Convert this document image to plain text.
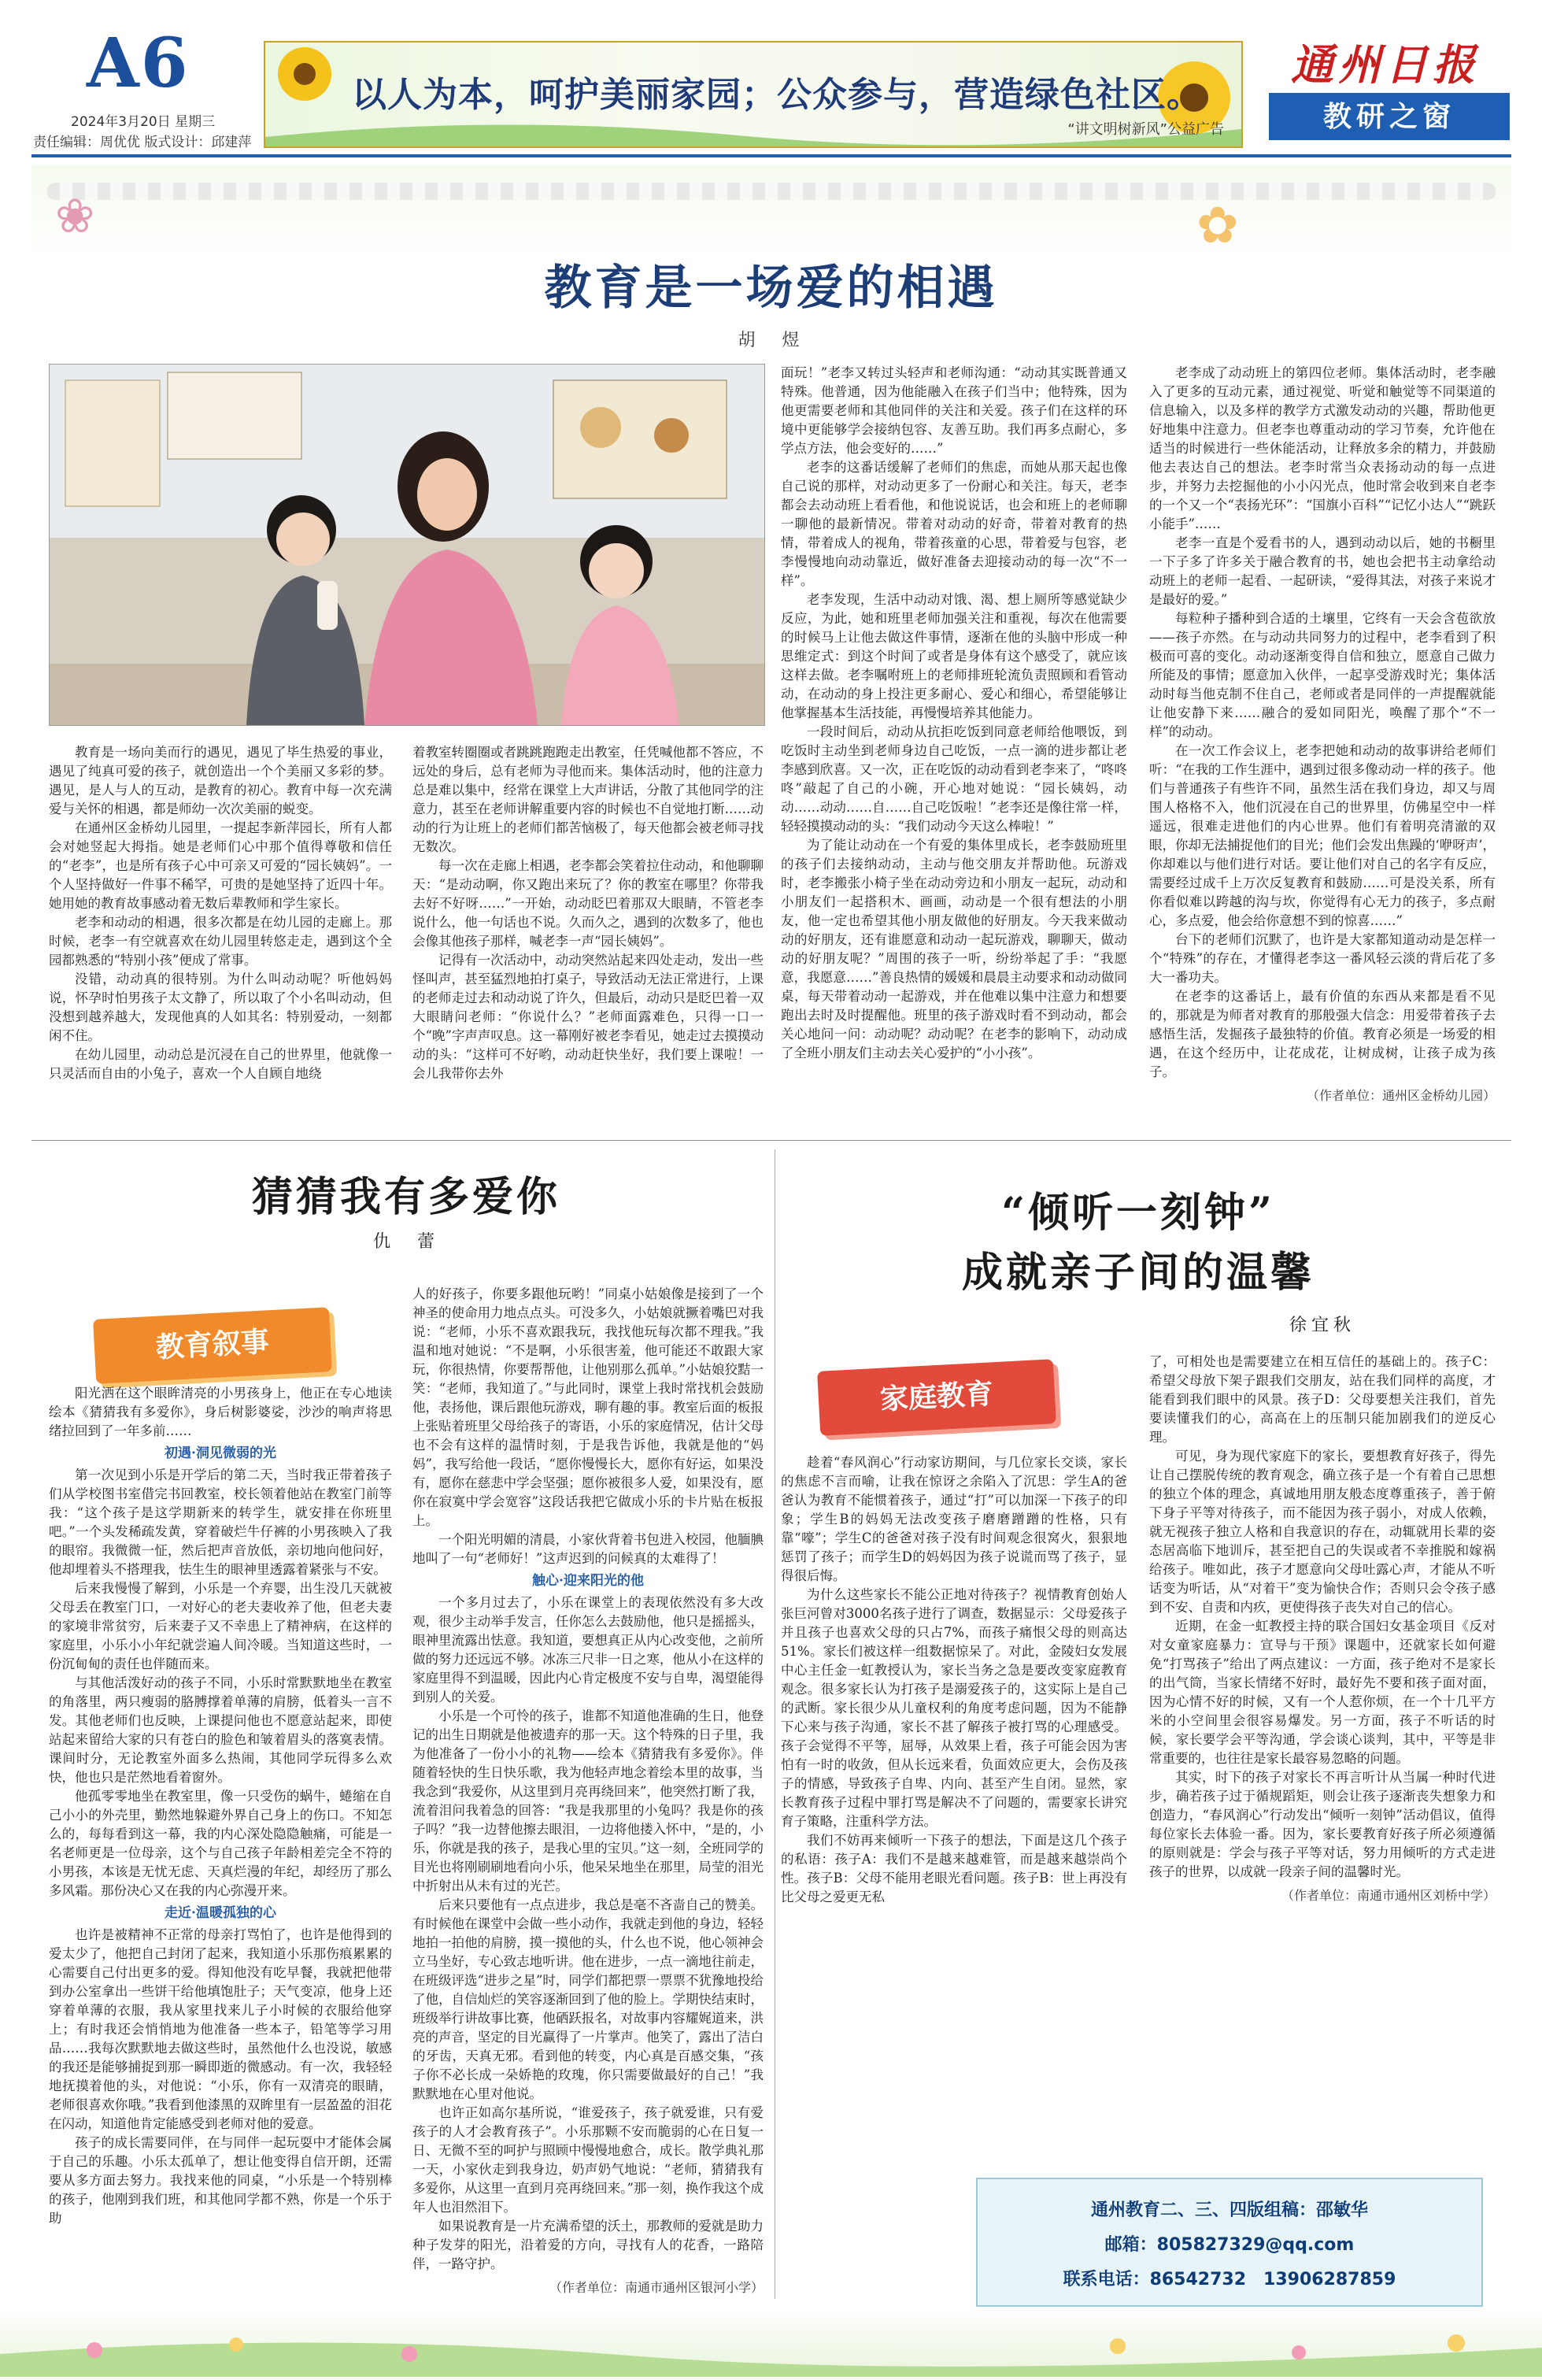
A6
2024年3月20日 星期三
责任编辑：周优优 版式设计：邱建萍
以人为本，呵护美丽家园；公众参与，营造绿色社区。
“讲文明树新风”公益广告
通州日报
教研之窗
❀	✿
教育是一场爱的相遇
胡　煜

教育是一场向美而行的遇见，遇见了毕生热爱的事业，遇见了纯真可爱的孩子，就创造出一个个美丽又多彩的梦。遇见，是人与人的互动，是教育的初心。教育中每一次充满爱与关怀的相遇，都是师幼一次次美丽的蜕变。

在通州区金桥幼儿园里，一提起李新萍园长，所有人都会对她竖起大拇指。她是老师们心中那个值得尊敬和信任的“老李”，也是所有孩子心中可亲又可爱的“园长姨妈”。一个人坚持做好一件事不稀罕，可贵的是她坚持了近四十年。她用她的教育故事感动着无数后辈教师和学生家长。

老李和动动的相遇，很多次都是在幼儿园的走廊上。那时候，老李一有空就喜欢在幼儿园里转悠走走，遇到这个全园都熟悉的“特别小孩”便成了常事。

没错，动动真的很特别。为什么叫动动呢？听他妈妈说，怀孕时怕男孩子太文静了，所以取了个小名叫动动，但没想到越养越大，发现他真的人如其名：特别爱动，一刻都闲不住。

在幼儿园里，动动总是沉浸在自己的世界里，他就像一只灵活而自由的小兔子，喜欢一个人自顾自地绕

着教室转圈圈或者跳跳跑跑走出教室，任凭喊他都不答应，不远处的身后，总有老师为寻他而来。集体活动时，他的注意力总是难以集中，经常在课堂上大声讲话，分散了其他同学的注意力，甚至在老师讲解重要内容的时候也不自觉地打断……动动的行为让班上的老师们都苦恼极了，每天他都会被老师寻找无数次。

每一次在走廊上相遇，老李都会笑着拉住动动，和他聊聊天：“是动动啊，你又跑出来玩了？你的教室在哪里？你带我去好不好呀……”一开始，动动眨巴着那双大眼睛，不管老李说什么，他一句话也不说。久而久之，遇到的次数多了，他也会像其他孩子那样，喊老李一声“园长姨妈”。

记得有一次活动中，动动突然站起来四处走动，发出一些怪叫声，甚至猛烈地拍打桌子，导致活动无法正常进行，上课的老师走过去和动动说了许久，但最后，动动只是眨巴着一双大眼睛问老师：“你说什么？”老师面露难色，只得一口一个“晚”字声声叹息。这一幕刚好被老李看见，她走过去摸摸动动的头：“这样可不好哟，动动赶快坐好，我们要上课啦！一会儿我带你去外

面玩！”老李又转过头轻声和老师沟通：“动动其实既普通又特殊。他普通，因为他能融入在孩子们当中；他特殊，因为他更需要老师和其他同伴的关注和关爱。孩子们在这样的环境中更能够学会接纳包容、友善互助。我们再多点耐心，多学点方法，他会变好的……”

老李的这番话缓解了老师们的焦虑，而她从那天起也像自己说的那样，对动动更多了一份耐心和关注。每天，老李都会去动动班上看看他，和他说说话，也会和班上的老师聊一聊他的最新情况。带着对动动的好奇，带着对教育的热情，带着成人的视角，带着孩童的心思，带着爱与包容，老李慢慢地向动动靠近，做好准备去迎接动动的每一次“不一样”。

老李发现，生活中动动对饿、渴、想上厕所等感觉缺少反应，为此，她和班里老师加强关注和重视，每次在他需要的时候马上让他去做这件事情，逐渐在他的头脑中形成一种思维定式：到这个时间了或者是身体有这个感受了，就应该这样去做。老李嘱咐班上的老师排班轮流负责照顾和看管动动，在动动的身上投注更多耐心、爱心和细心，希望能够让他掌握基本生活技能，再慢慢培养其他能力。

一段时间后，动动从抗拒吃饭到同意老师给他喂饭，到吃饭时主动坐到老师身边自己吃饭，一点一滴的进步都让老李感到欣喜。又一次，正在吃饭的动动看到老李来了，“咚咚咚”敲起了自己的小碗，开心地对她说：“园长姨妈，动动……动动……自……自己吃饭啦！”老李还是像往常一样，轻轻摸摸动动的头：“我们动动今天这么棒啦！”

为了能让动动在一个有爱的集体里成长，老李鼓励班里的孩子们去接纳动动，主动与他交朋友并帮助他。玩游戏时，老李搬张小椅子坐在动动旁边和小朋友一起玩，动动和小朋友们一起搭积木、画画，动动是一个很有想法的小朋友，他一定也希望其他小朋友做他的好朋友。今天我来做动动的好朋友，还有谁愿意和动动一起玩游戏，聊聊天，做动动的好朋友呢？”周围的孩子一听，纷纷举起了手：“我愿意，我愿意……”善良热情的媛媛和晨晨主动要求和动动做同桌，每天带着动动一起游戏，并在他难以集中注意力和想要跑出去时及时提醒他。班里的孩子游戏时看不到动动，都会关心地问一问：动动呢？动动呢？在老李的影响下，动动成了全班小朋友们主动去关心爱护的“小小孩”。

老李成了动动班上的第四位老师。集体活动时，老李融入了更多的互动元素，通过视觉、听觉和触觉等不同渠道的信息输入，以及多样的教学方式激发动动的兴趣，帮助他更好地集中注意力。但老李也尊重动动的学习节奏，允许他在适当的时候进行一些休能活动，让释放多余的精力，并鼓励他去表达自己的想法。老李时常当众表扬动动的每一点进步，并努力去挖掘他的小小闪光点，他时常会收到来自老李的一个又一个“表扬光环”：“国旗小百科”“记忆小达人”“跳跃小能手”……

老李一直是个爱看书的人，遇到动动以后，她的书橱里一下子多了许多关于融合教育的书，她也会把书主动拿给动动班上的老师一起看、一起研读，“爱得其法，对孩子来说才是最好的爱。”

每粒种子播种到合适的土壤里，它终有一天会含苞欲放——孩子亦然。在与动动共同努力的过程中，老李看到了积极而可喜的变化。动动逐渐变得自信和独立，愿意自己做力所能及的事情；愿意加入伙伴，一起享受游戏时光；集体活动时每当他克制不住自己，老师或者是同伴的一声提醒就能让他安静下来……融合的爱如同阳光，唤醒了那个“不一样”的动动。

在一次工作会议上，老李把她和动动的故事讲给老师们听：“在我的工作生涯中，遇到过很多像动动一样的孩子。他们与普通孩子有些许不同，虽然生活在我们身边，却又与周围人格格不入，他们沉浸在自己的世界里，仿佛星空中一样遥远，很难走进他们的内心世界。他们有着明亮清澈的双眼，你却无法捕捉他们的目光；他们会发出焦躁的‘咿呀声’，你却难以与他们进行对话。要让他们对自己的名字有反应，需要经过成千上万次反复教育和鼓励……可是没关系，所有你看似难以跨越的沟与坎，你觉得有心无力的孩子，多点耐心，多点爱，他会给你意想不到的惊喜……”

台下的老师们沉默了，也许是大家都知道动动是怎样一个“特殊”的存在，才懂得老李这一番风轻云淡的背后花了多大一番功夫。

在老李的这番话上，最有价值的东西从来都是看不见的，那就是为师者对教育的那般强大信念：用爱带着孩子去感悟生活，发掘孩子最独特的价值。教育必须是一场爱的相遇，在这个经历中，让花成花，让树成树，让孩子成为孩子。

（作者单位：通州区金桥幼儿园）
猜猜我有多爱你
仇　蕾
教育叙事

阳光洒在这个眼眸清亮的小男孩身上，他正在专心地读绘本《猜猜我有多爱你》，身后树影婆娑，沙沙的响声将思绪拉回到了一年多前……

初遇·洞见微弱的光

第一次见到小乐是开学后的第二天，当时我正带着孩子们从学校图书室借完书回教室，校长领着他站在教室门前等我：“这个孩子是这学期新来的转学生，就安排在你班里吧。”一个头发稀疏发黄，穿着破烂牛仔裤的小男孩映入了我的眼帘。我微微一怔，然后把声音放低，亲切地向他问好，他却埋着头不搭理我，怯生生的眼神里透露着紧张与不安。

后来我慢慢了解到，小乐是一个弃婴，出生没几天就被父母丢在教室门口，一对好心的老夫妻收养了他，但老夫妻的家境非常贫穷，后来妻子又不幸患上了精神病，在这样的家庭里，小乐小小年纪就尝遍人间冷暖。当知道这些时，一份沉甸甸的责任也伴随而来。

与其他活泼好动的孩子不同，小乐时常默默地坐在教室的角落里，两只瘦弱的胳膊撑着单薄的肩膀，低着头一言不发。其他老师们也反映，上课提问他也不愿意站起来，即使站起来留给大家的只有苍白的脸色和皱着眉头的落寞表情。课间时分，无论教室外面多么热闹，其他同学玩得多么欢快，他也只是茫然地看着窗外。

他孤零零地坐在教室里，像一只受伤的蜗牛，蜷缩在自己小小的外壳里，勤然地躲避外界自己身上的伤口。不知怎么的，每每看到这一幕，我的内心深处隐隐触痛，可能是一名老师更是一位母亲，这个与自己孩子年龄相差完全不符的小男孩，本该是无忧无虑、天真烂漫的年纪，却经历了那么多风霜。那份决心又在我的内心弥漫开来。

走近·温暖孤独的心

也许是被精神不正常的母亲打骂怕了，也许是他得到的爱太少了，他把自己封闭了起来，我知道小乐那伤痕累累的心需要自己付出更多的爱。得知他没有吃早餐，我就把他带到办公室拿出一些饼干给他填饱肚子；天气变凉，他身上还穿着单薄的衣服，我从家里找来儿子小时候的衣服给他穿上；有时我还会悄悄地为他准备一些本子，铅笔等学习用品……我每次默默地去做这些时，虽然他什么也没说，敏感的我还是能够捕捉到那一瞬即逝的微感动。有一次，我轻轻地抚摸着他的头，对他说：“小乐，你有一双清亮的眼睛，老师很喜欢你哦。”我看到他漆黑的双眸里有一层盈盈的泪花在闪动，知道他肯定能感受到老师对他的爱意。

孩子的成长需要同伴，在与同伴一起玩耍中才能体会属于自己的乐趣。小乐太孤单了，想让他变得自信开朗，还需要从多方面去努力。我找来他的同桌，“小乐是一个特别棒的孩子，他刚到我们班，和其他同学都不熟，你是一个乐于助

人的好孩子，你要多跟他玩哟！”同桌小姑娘像是接到了一个神圣的使命用力地点点头。可没多久，小姑娘就撅着嘴巴对我说：“老师，小乐不喜欢跟我玩，我找他玩每次都不理我。”我温和地对她说：“不是啊，小乐很害羞，他可能还不敢跟大家玩，你很热情，你要帮帮他，让他别那么孤单。”小姑娘狡黠一笑：“老师，我知道了。”与此同时，课堂上我时常找机会鼓励他，表扬他，课后跟他玩游戏，聊有趣的事。教室后面的板报上张贴着班里父母给孩子的寄语，小乐的家庭情况，估计父母也不会有这样的温情时刻，于是我告诉他，我就是他的“妈妈”，我写给他一段话，“愿你慢慢长大，愿你有好运，如果没有，愿你在慈悲中学会坚强；愿你被很多人爱，如果没有，愿你在寂寞中学会宽容”这段话我把它做成小乐的卡片贴在板报上。

一个阳光明媚的清晨，小家伙背着书包进入校园，他腼腆地叫了一句“老师好！”这声迟到的问候真的太难得了！

触心·迎来阳光的他

一个多月过去了，小乐在课堂上的表现依然没有多大改观，很少主动举手发言，任你怎么去鼓励他，他只是摇摇头，眼神里流露出怯意。我知道，要想真正从内心改变他，之前所做的努力还远远不够。冰冻三尺非一日之寒，他从小在这样的家庭里得不到温暖，因此内心肯定极度不安与自卑，渴望能得到别人的关爱。

小乐是一个可怜的孩子，谁都不知道他准确的生日，他登记的出生日期就是他被遗弃的那一天。这个特殊的日子里，我为他准备了一份小小的礼物——绘本《猜猜我有多爱你》。伴随着轻快的生日快乐歌，我为他轻声地念着绘本里的故事，当我念到“我爱你，从这里到月亮再绕回来”，他突然打断了我，流着泪问我着急的回答：“我是我那里的小兔吗？我是你的孩子吗？”我一边替他擦去眼泪，一边将他搂入怀中，“是的，小乐，你就是我的孩子，是我心里的宝贝。”这一刻，全班同学的目光也将刚刷刷地看向小乐，他呆呆地坐在那里，局莹的泪光中折射出从未有过的光芒。

后来只要他有一点点进步，我总是毫不吝啬自己的赞美。有时候他在课堂中会做一些小动作，我就走到他的身边，轻轻地拍一拍他的肩膀，摸一摸他的头，什么也不说，他心领神会立马坐好，专心致志地听讲。他在进步，一点一滴地往前走，在班级评选“进步之星”时，同学们都把票一票票不犹豫地投给了他，自信灿烂的笑容逐渐回到了他的脸上。学期快结束时，班级举行讲故事比赛，他硒跃报名，对故事内容耀娓道来，洪亮的声音，坚定的目光赢得了一片掌声。他笑了，露出了洁白的牙齿，天真无邪。看到他的转变，内心真是百感交集，“孩子你不必长成一朵娇艳的玫瑰，你只需要做最好的自己！”我默默地在心里对他说。

也许正如高尔基所说，“谁爱孩子，孩子就爱谁，只有爱孩子的人才会教育孩子”。小乐那颗不安而脆弱的心在日复一日、无微不至的呵护与照顾中慢慢地愈合，成长。散学典礼那一天，小家伙走到我身边，奶声奶气地说：“老师，猜猜我有多爱你，从这里一直到月亮再绕回来。”那一刻，换作我这个成年人也泪然泪下。

如果说教育是一片充满希望的沃土，那教师的爱就是助力种子发芽的阳光，沿着爱的方向，寻找有人的花香，一路陪伴，一路守护。

（作者单位：南通市通州区银河小学）
“倾听一刻钟”
成就亲子间的温馨
徐宜秋
家庭教育

趁着“春风润心”行动家访期间，与几位家长交谈，家长的焦虑不言而喻，让我在惊讶之余陷入了沉思：学生A的爸爸认为教育不能惯着孩子，通过“打”可以加深一下孩子的印象；学生B的妈妈无法改变孩子磨磨蹭蹭的性格，只有靠“嚎”；学生C的爸爸对孩子没有时间观念很窝火，狠狠地惩罚了孩子；而学生D的妈妈因为孩子说谎而骂了孩子，显得很后悔。

为什么这些家长不能公正地对待孩子？视情教育创始人张巨河曾对3000名孩子进行了调查，数据显示：父母爱孩子并且孩子也喜欢父母的只占7%，而孩子痛恨父母的则高达51%。家长们被这样一组数据惊呆了。对此，金陵妇女发展中心主任金一虹教授认为，家长当务之急是要改变家庭教育观念。很多家长认为打孩子是溺爱孩子的，这实际上是自己的武断。家长很少从儿童权利的角度考虑问题，因为不能静下心来与孩子沟通，家长不甚了解孩子被打骂的心理感受。孩子会觉得不平等，屈辱，从效果上看，孩子可能会因为害怕有一时的收敛，但从长远来看，负面效应更大，会伤及孩子的情感，导致孩子自卑、内向、甚至产生自闭。显然，家长教育孩子过程中罪打骂是解决不了问题的，需要家长讲究育子策略，注重科学方法。

我们不妨再来倾听一下孩子的想法，下面是这几个孩子的私语：孩子A：我们不是越来越难管，而是越来越崇尚个性。孩子B：父母不能用老眼光看问题。孩子B：世上再没有比父母之爱更无私

了，可相处也是需要建立在相互信任的基础上的。孩子C：希望父母放下架子跟我们交朋友，站在我们同样的高度，才能看到我们眼中的风景。孩子D：父母要想关注我们，首先要读懂我们的心，高高在上的压制只能加剧我们的逆反心理。

可见，身为现代家庭下的家长，要想教育好孩子，得先让自己摆脱传统的教育观念，确立孩子是一个有着自己思想的独立个体的理念，真诚地用朋友般态度尊重孩子，善于俯下身子平等对待孩子，而不能因为孩子弱小，对成人依赖，就无视孩子独立人格和自我意识的存在，动辄就用长辈的姿态居高临下地训斥，甚至把自己的失误或者不幸推脱和嫁祸给孩子。唯如此，孩子才愿意向父母吐露心声，才能从不听话变为听话，从“对着干”变为愉快合作；否则只会令孩子感到不安、自责和内疚，更使得孩子丧失对自己的信心。

近期，在金一虹教授主持的联合国妇女基金项目《反对对女童家庭暴力：宣导与干预》课题中，还就家长如何避免“打骂孩子”给出了两点建议：一方面，孩子绝对不是家长的出气筒，当家长情绪不好时，最好先不要和孩子面对面，因为心情不好的时候，又有一个人惹你烦，在一个十几平方米的小空间里会很容易爆发。另一方面，孩子不听话的时候，家长要学会平等沟通，学会谈心谈判，其中，平等是非常重要的，也往往是家长最容易忽略的问题。

其实，时下的孩子对家长不再言听计从当属一种时代进步，确若孩子过于循规蹈矩，则会让孩子逐渐丧失想象力和创造力，“春风润心”行动发出“倾听一刻钟”活动倡议，值得每位家长去体验一番。因为，家长要教育好孩子所必须遵循的原则就是：学会与孩子平等对话，努力用倾听的方式走进孩子的世界，以成就一段亲子间的温馨时光。

（作者单位：南通市通州区刘桥中学）
通州教育二、三、四版组稿：邵敏华
邮箱：805827329@qq.com
联系电话：86542732　13906287859
